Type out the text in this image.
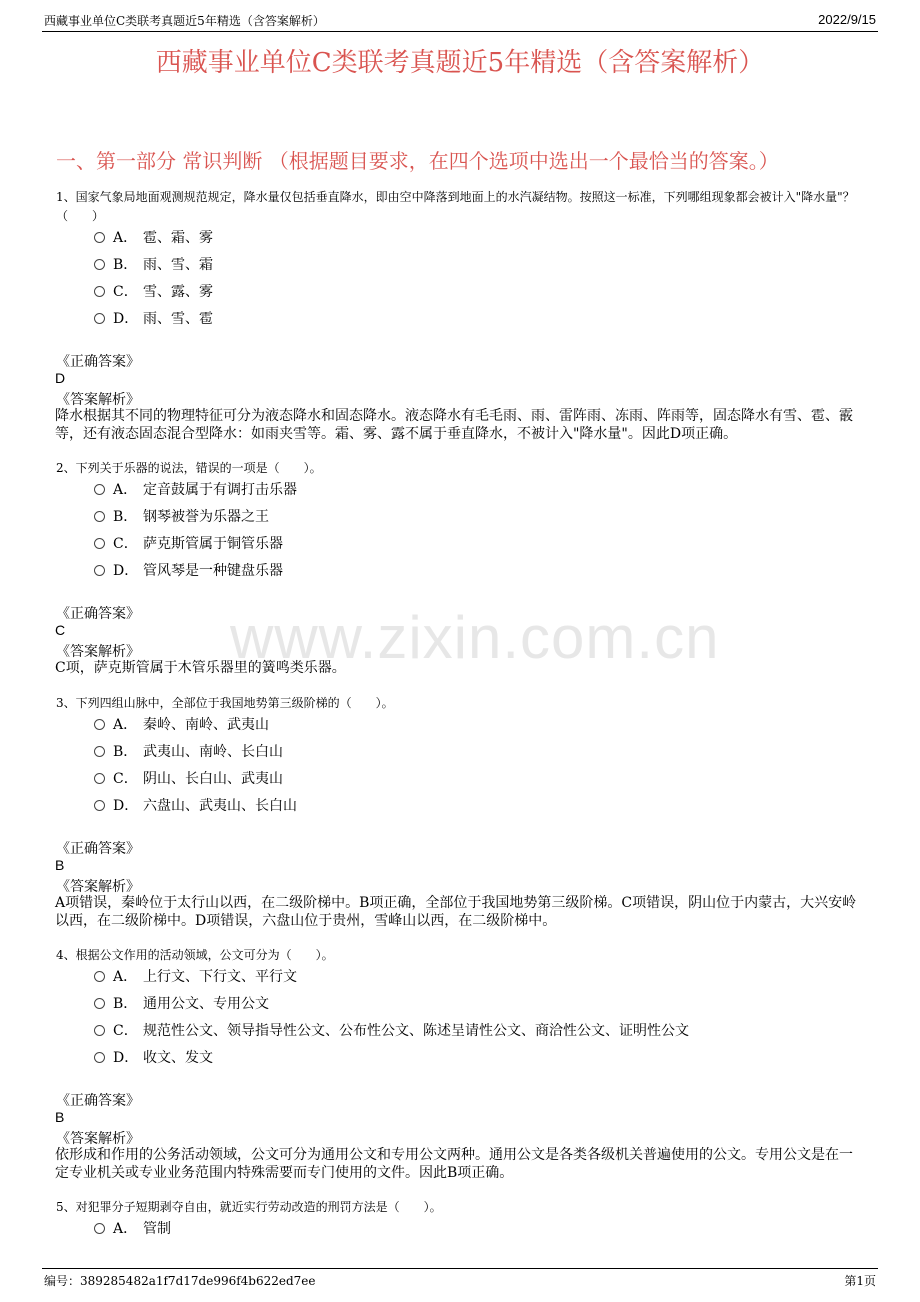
西藏事业单位C类联考真题近5年精选（含答案解析）	2022/9/15
西藏事业单位C类联考真题近5年精选（含答案解析）
www.zixin.com.cn
一、第一部分 常识判断 （根据题目要求，在四个选项中选出一个最恰当的答案。）
1、国家气象局地面观测规范规定，降水量仅包括垂直降水，即由空中降落到地面上的水汽凝结物。按照这一标准，下列哪组现象都会被计入"降水量"？（　　）
A． 雹、霜、雾
B． 雨、雪、霜
C． 雪、露、雾
D． 雨、雪、雹
《正确答案》
D
《答案解析》
降水根据其不同的物理特征可分为液态降水和固态降水。液态降水有毛毛雨、雨、雷阵雨、冻雨、阵雨等，固态降水有雪、雹、霰等，还有液态固态混合型降水：如雨夹雪等。霜、雾、露不属于垂直降水，不被计入"降水量"。因此D项正确。
2、下列关于乐器的说法，错误的一项是（　　）。
A． 定音鼓属于有调打击乐器
B． 钢琴被誉为乐器之王
C． 萨克斯管属于铜管乐器
D． 管风琴是一种键盘乐器
《正确答案》
C
《答案解析》
C项，萨克斯管属于木管乐器里的簧鸣类乐器。
3、下列四组山脉中，全部位于我国地势第三级阶梯的（　　）。
A． 秦岭、南岭、武夷山
B． 武夷山、南岭、长白山
C． 阴山、长白山、武夷山
D． 六盘山、武夷山、长白山
《正确答案》
B
《答案解析》
A项错误，秦岭位于太行山以西，在二级阶梯中。B项正确，全部位于我国地势第三级阶梯。C项错误，阴山位于内蒙古，大兴安岭以西，在二级阶梯中。D项错误，六盘山位于贵州，雪峰山以西，在二级阶梯中。
4、根据公文作用的活动领域，公文可分为（　　）。
A． 上行文、下行文、平行文
B． 通用公文、专用公文
C． 规范性公文、领导指导性公文、公布性公文、陈述呈请性公文、商洽性公文、证明性公文
D． 收文、发文
《正确答案》
B
《答案解析》
依形成和作用的公务活动领域，公文可分为通用公文和专用公文两种。通用公文是各类各级机关普遍使用的公文。专用公文是在一定专业机关或专业业务范围内特殊需要而专门使用的文件。因此B项正确。
5、对犯罪分子短期剥夺自由，就近实行劳动改造的刑罚方法是（　　）。
A． 管制
编号：389285482a1f7d17de996f4b622ed7ee	第1页
